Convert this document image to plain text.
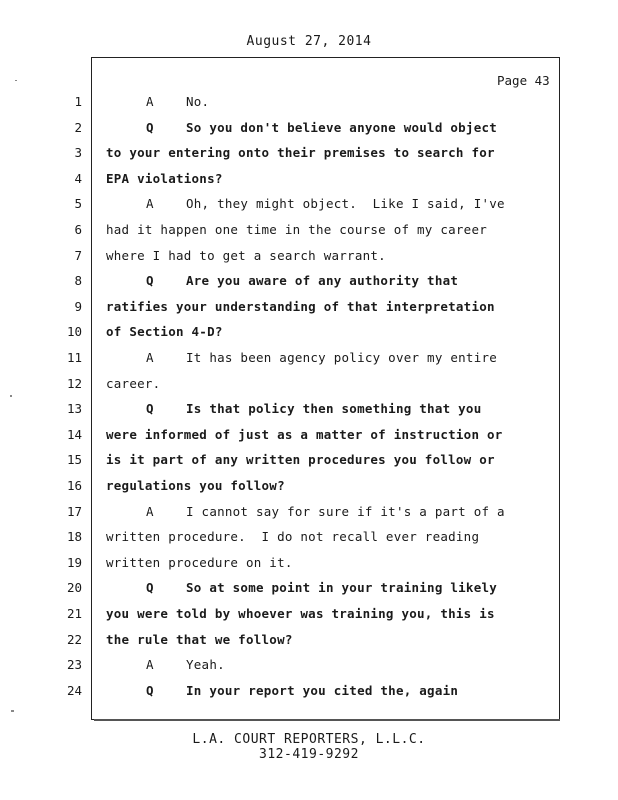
August 27, 2014
Page 43
1	A	No.
2	Q	So you don't believe anyone would object
3 to your entering onto their premises to search for
4 EPA violations?
5	A	Oh, they might object.  Like I said, I've
6 had it happen one time in the course of my career
7 where I had to get a search warrant.
8	Q	Are you aware of any authority that
9 ratifies your understanding of that interpretation
10 of Section 4-D?
11	A	It has been agency policy over my entire
12 career.
13	Q	Is that policy then something that you
14 were informed of just as a matter of instruction or
15 is it part of any written procedures you follow or
16 regulations you follow?
17	A	I cannot say for sure if it's a part of a
18 written procedure.  I do not recall ever reading
19 written procedure on it.
20	Q	So at some point in your training likely
21 you were told by whoever was training you, this is
22 the rule that we follow?
23	A	Yeah.
24	Q	In your report you cited the, again
L.A. COURT REPORTERS, L.L.C.
312-419-9292
